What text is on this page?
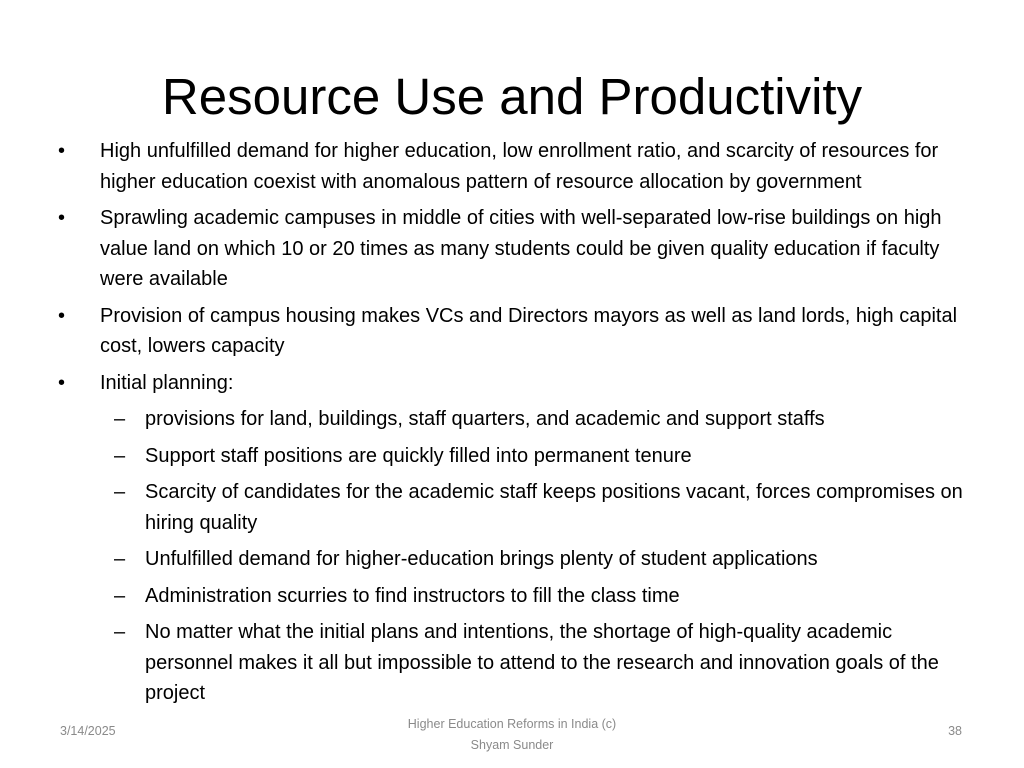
Resource Use and Productivity
• High unfulfilled demand for higher education, low enrollment ratio, and scarcity of resources for higher education coexist with anomalous pattern of resource allocation by government
• Sprawling academic campuses in middle of cities with well-separated low-rise buildings on high value land on which 10 or 20 times as many students could be given quality education if faculty were available
• Provision of campus housing makes VCs and Directors mayors as well as land lords, high capital cost, lowers capacity
• Initial planning:
– provisions for land, buildings, staff quarters, and academic and support staffs
– Support staff positions are quickly filled into permanent tenure
– Scarcity of candidates for the academic staff keeps positions vacant, forces compromises on hiring quality
– Unfulfilled demand for higher-education brings plenty of student applications
– Administration scurries to find instructors to fill the class time
– No matter what the initial plans and intentions, the shortage of high-quality academic personnel makes it all but impossible to attend to the research and innovation goals of the project
3/14/2025	Higher Education Reforms in India (c)
Shyam Sunder
38
